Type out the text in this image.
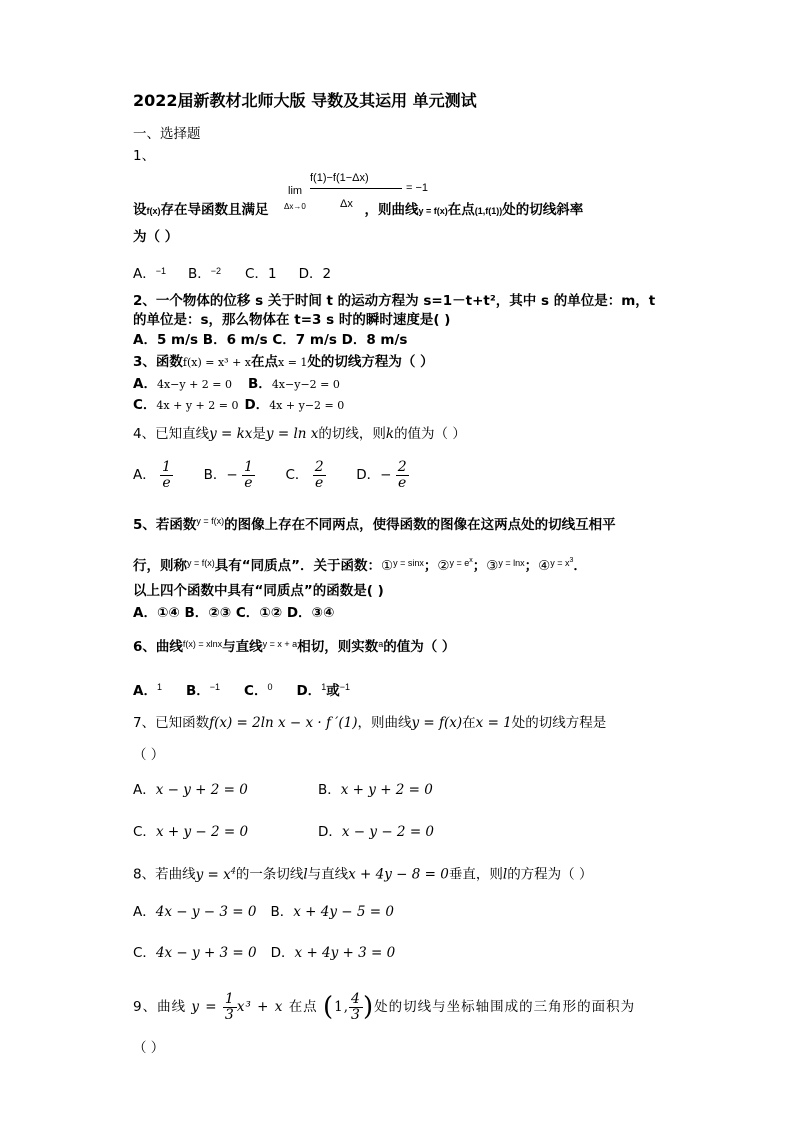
2022届新教材北师大版 导数及其运用 单元测试
一、选择题
1、
f(1)−f(1−Δx)
lim
Δx→0	Δx
= −1
设f(x)存在导函数且满足	，则曲线y = f(x)在点(1,f(1))处的切线斜率
为（ ）
A．$^{-1}$ B．$^{-2}$ C．1 D．2
2、一个物体的位移 s 关于时间 t 的运动方程为 s=1－t+t²，其中 s 的单位是：m，t
的单位是：s，那么物体在 t=3 s 时的瞬时速度是( )
A．5 m/s B．6 m/s C．7 m/s D．8 m/s
3、函数f(x) = x³ + x在点x = 1处的切线方程为（ ）
A．4x−y + 2 = 0 B．4x−y−2 = 0
C．4x + y + 2 = 0 D．4x + y−2 = 0
4、已知直线y = kx是y = ln x的切线，则k的值为（ ）
A． $\frac{1}{e}$ B．− $\frac{1}{e}$ C． $\frac{2}{e}$ D．− $\frac{2}{e}$
5、若函数$^{y = f(x)}$的图像上存在不同两点，使得函数的图像在这两点处的切线互相平
行，则称$^{y = f(x)}$具有“同质点”．关于函数：①$^{y = sinx}$；②$^{y = e^x}$；③$^{y = lnx}$；④$^{y = x^3}$．
以上四个函数中具有“同质点”的函数是( )
A．①④ B．②③ C．①② D．③④
6、曲线$^{f(x) = xlnx}$与直线$^{y = x + a}$相切，则实数$^a$的值为（ ）
A．$^1$ B．$^{-1}$ C．$^0$ D．$^1$或$^{-1}$
7、已知函数f(x) = 2ln x − x · f ′(1)，则曲线y = f(x)在x = 1处的切线方程是
（ ）
A．x − y + 2 = 0	B．x + y + 2 = 0
C．x + y − 2 = 0	D．x − y − 2 = 0
8、若曲线$y = x^4$的一条切线l与直线x + 4y − 8 = 0垂直，则l的方程为（ ）
A．4x − y − 3 = 0 B．x + 4y − 5 = 0
C．4x − y + 3 = 0 D．x + 4y + 3 = 0
9、曲线 $y = \frac{1}{3} x^3 + x$ 在点 (1, $\frac{4}{3}$ )处的切线与坐标轴围成的三角形的面积为
（ ）
